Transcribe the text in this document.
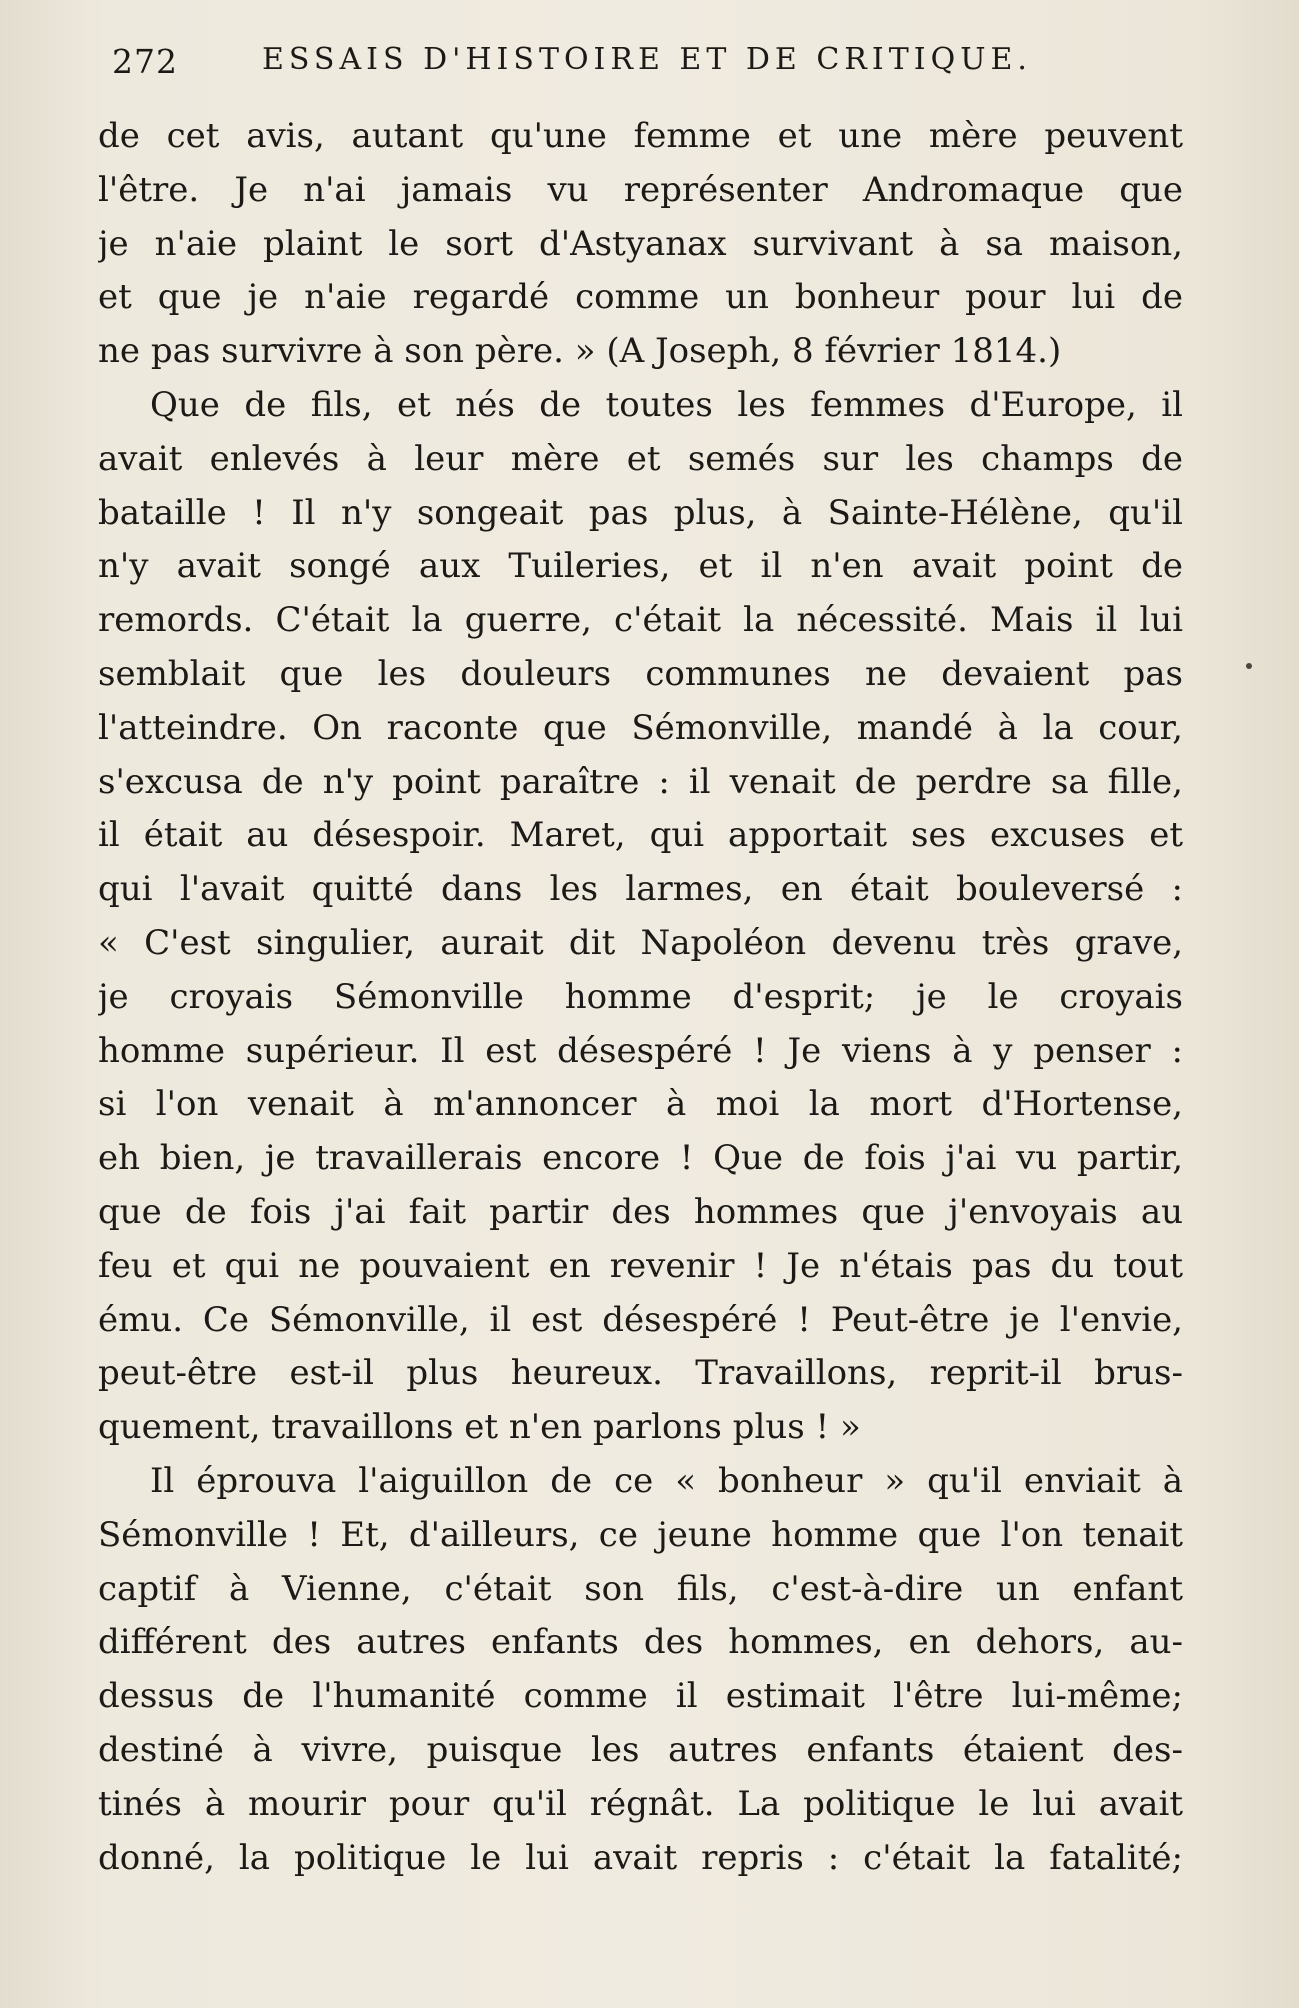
272	ESSAIS D'HISTOIRE ET DE CRITIQUE.
de cet avis, autant qu'une femme et une mère peuvent
l'être. Je n'ai jamais vu représenter Andromaque que
je n'aie plaint le sort d'Astyanax survivant à sa maison,
et que je n'aie regardé comme un bonheur pour lui de
ne pas survivre à son père. » (A Joseph, 8 février 1814.)
Que de fils, et nés de toutes les femmes d'Europe, il
avait enlevés à leur mère et semés sur les champs de
bataille ! Il n'y songeait pas plus, à Sainte-Hélène, qu'il
n'y avait songé aux Tuileries, et il n'en avait point de
remords. C'était la guerre, c'était la nécessité. Mais il lui
semblait que les douleurs communes ne devaient pas
l'atteindre. On raconte que Sémonville, mandé à la cour,
s'excusa de n'y point paraître : il venait de perdre sa fille,
il était au désespoir. Maret, qui apportait ses excuses et
qui l'avait quitté dans les larmes, en était bouleversé :
« C'est singulier, aurait dit Napoléon devenu très grave,
je croyais Sémonville homme d'esprit; je le croyais
homme supérieur. Il est désespéré ! Je viens à y penser :
si l'on venait à m'annoncer à moi la mort d'Hortense,
eh bien, je travaillerais encore ! Que de fois j'ai vu partir,
que de fois j'ai fait partir des hommes que j'envoyais au
feu et qui ne pouvaient en revenir ! Je n'étais pas du tout
ému. Ce Sémonville, il est désespéré ! Peut-être je l'envie,
peut-être est-il plus heureux. Travaillons, reprit-il brus-
quement, travaillons et n'en parlons plus ! »
Il éprouva l'aiguillon de ce « bonheur » qu'il enviait à
Sémonville ! Et, d'ailleurs, ce jeune homme que l'on tenait
captif à Vienne, c'était son fils, c'est-à-dire un enfant
différent des autres enfants des hommes, en dehors, au-
dessus de l'humanité comme il estimait l'être lui-même;
destiné à vivre, puisque les autres enfants étaient des-
tinés à mourir pour qu'il régnât. La politique le lui avait
donné, la politique le lui avait repris : c'était la fatalité;
